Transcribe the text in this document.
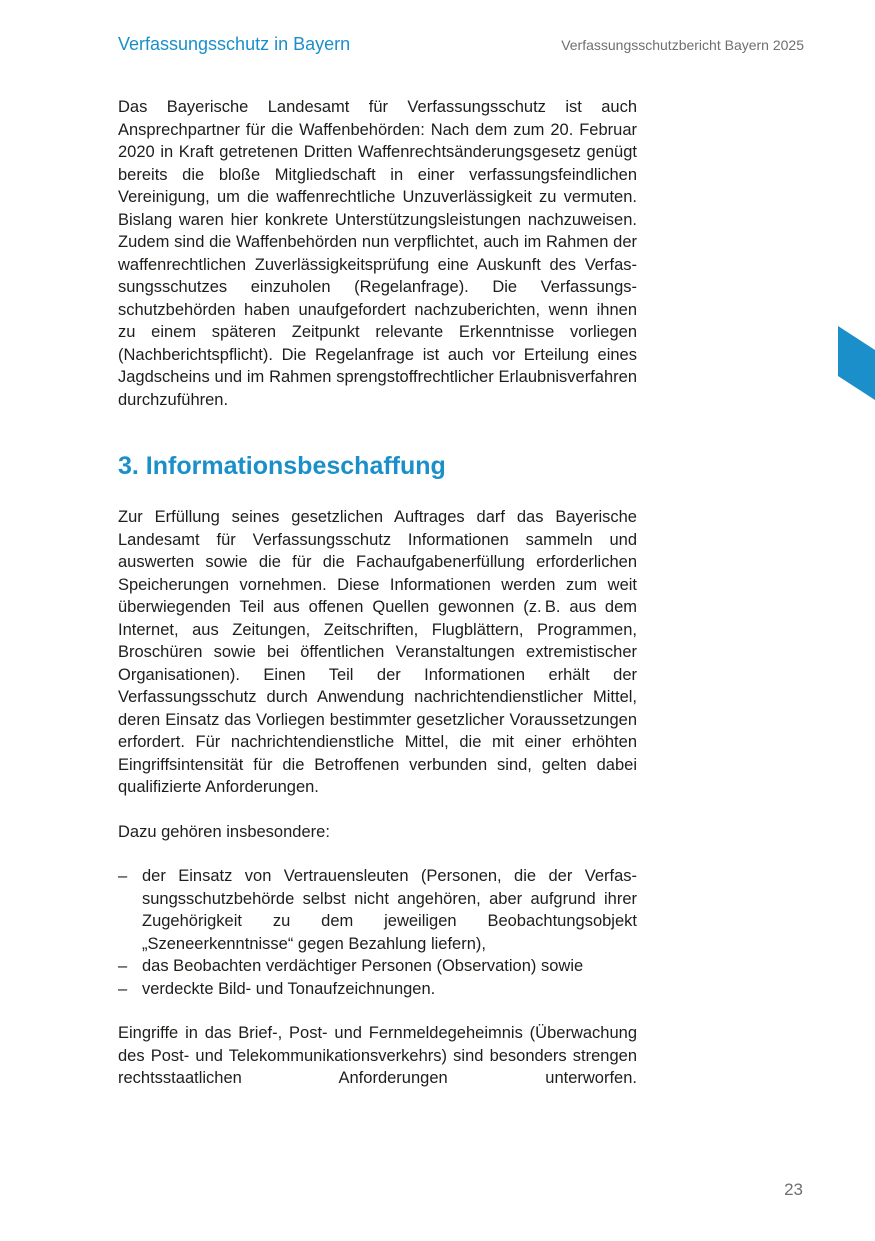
Verfassungsschutz in Bayern	Verfassungsschutzbericht Bayern 2025

Das Bayerische Landesamt für Verfassungsschutz ist auch Ansprechpartner für die Waffenbehörden: Nach dem zum 20. Februar 2020 in Kraft getretenen Dritten Waffenrechtsänderungsgesetz genügt bereits die bloße Mitgliedschaft in einer verfassungsfeindlichen Vereinigung, um die waffenrechtliche Unzuverlässigkeit zu vermuten. Bislang waren hier konkrete Unterstützungsleistungen nachzuweisen. Zudem sind die Waffenbehörden nun verpflichtet, auch im Rahmen der waffenrechtlichen Zuverlässigkeitsprüfung eine Auskunft des Verfassungsschutzes einzuholen (Regelanfrage). Die Verfassungsschutzbehörden haben unaufgefordert nachzuberichten, wenn ihnen zu einem späteren Zeitpunkt relevante Erkenntnisse vorliegen (Nachberichtspflicht). Die Regelanfrage ist auch vor Erteilung eines Jagdscheins und im Rahmen sprengstoffrechtlicher Erlaubnisverfahren durchzuführen.

3. Informationsbeschaffung

Zur Erfüllung seines gesetzlichen Auftrages darf das Bayerische Landesamt für Verfassungsschutz Informationen sammeln und auswerten sowie die für die Fachaufgabenerfüllung erforderlichen Speicherungen vornehmen. Diese Informationen werden zum weit überwiegenden Teil aus offenen Quellen gewonnen (z. B. aus dem Internet, aus Zeitungen, Zeitschriften, Flugblättern, Programmen, Broschüren sowie bei öffentlichen Veranstaltungen extremistischer Organisationen). Einen Teil der Informationen erhält der Verfassungsschutz durch Anwendung nachrichtendienstlicher Mittel, deren Einsatz das Vorliegen bestimmter gesetzlicher Voraussetzungen erfordert. Für nachrichtendienstliche Mittel, die mit einer erhöhten Eingriffsintensität für die Betroffenen verbunden sind, gelten dabei qualifizierte Anforderungen.

Dazu gehören insbesondere:

– der Einsatz von Vertrauensleuten (Personen, die der Verfassungsschutzbehörde selbst nicht angehören, aber aufgrund ihrer Zugehörigkeit zu dem jeweiligen Beobachtungsobjekt „Szeneerkenntnisse“ gegen Bezahlung liefern),
– das Beobachten verdächtiger Personen (Observation) sowie
– verdeckte Bild- und Tonaufzeichnungen.

Eingriffe in das Brief-, Post- und Fernmeldegeheimnis (Überwachung des Post- und Telekommunikationsverkehrs) sind besonders strengen rechtsstaatlichen Anforderungen unterworfen.

23
